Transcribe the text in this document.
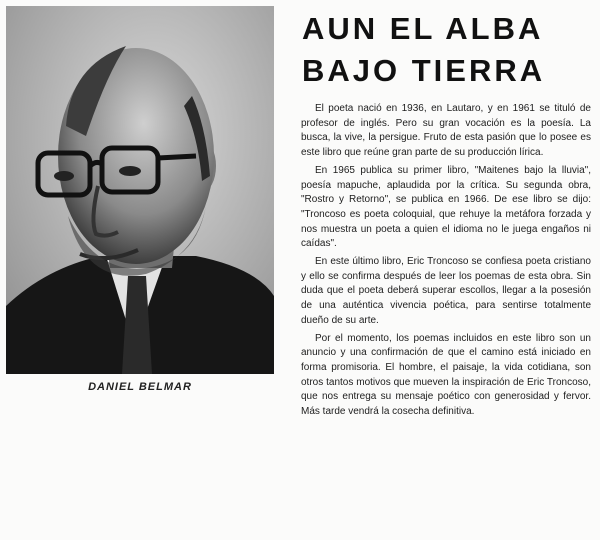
DANIEL BELMAR
AUN EL ALBA
BAJO TIERRA

El poeta nació en 1936, en Lautaro, y en 1961 se tituló de profesor de inglés. Pero su gran vocación es la poesía. La busca, la vive, la persigue. Fruto de esta pasión que lo posee es este libro que reúne gran parte de su producción lírica.

En 1965 publica su primer libro, "Maitenes bajo la lluvia", poesía mapuche, aplaudida por la crítica. Su segunda obra, "Rostro y Retorno", se publica en 1966. De ese libro se dijo: "Troncoso es poeta coloquial, que rehuye la metáfora forzada y nos muestra un poeta a quien el idioma no le juega engaños ni caídas".

En este último libro, Eric Troncoso se confiesa poeta cristiano y ello se confirma después de leer los poemas de esta obra. Sin duda que el poeta deberá superar escollos, llegar a la posesión de una auténtica vivencia poética, para sentirse totalmente dueño de su arte.

Por el momento, los poemas incluidos en este libro son un anuncio y una confirmación de que el camino está iniciado en forma promisoria. El hombre, el paisaje, la vida cotidiana, son otros tantos motivos que mueven la inspiración de Eric Troncoso, que nos entrega su mensaje poético con generosidad y fervor. Más tarde vendrá la cosecha definitiva.
